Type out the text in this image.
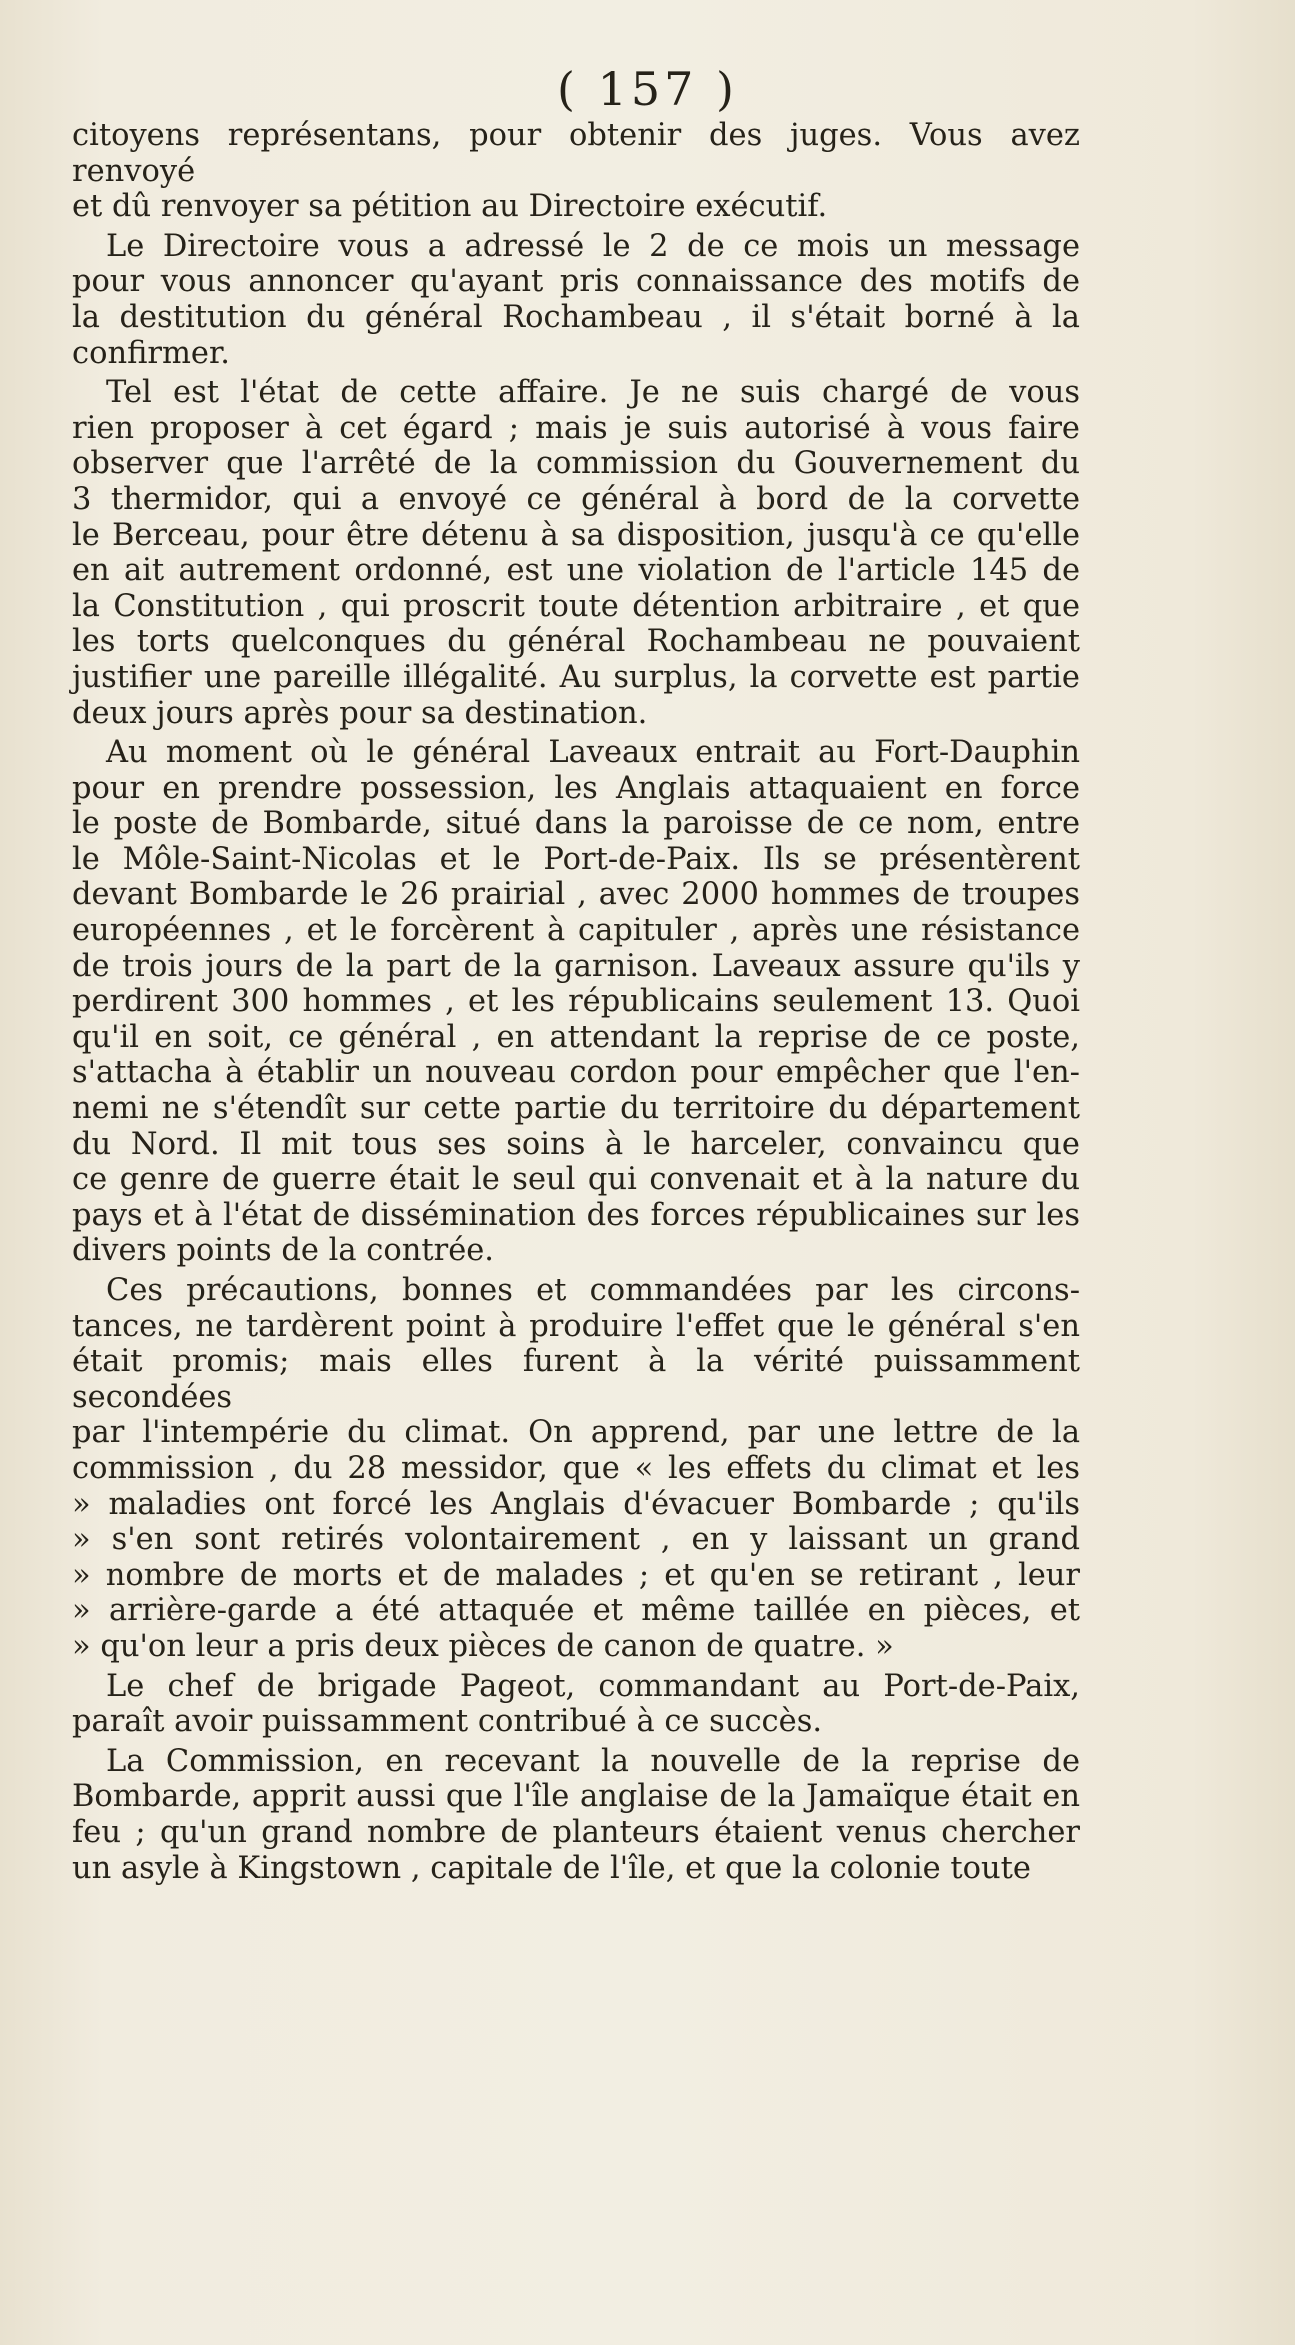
( 157 )
citoyens représentans, pour obtenir des juges. Vous avez renvoyé
et dû renvoyer sa pétition au Directoire exécutif.
Le Directoire vous a adressé le 2 de ce mois un message
pour vous annoncer qu'ayant pris connaissance des motifs de
la destitution du général Rochambeau , il s'était borné à la
confirmer.
Tel est l'état de cette affaire. Je ne suis chargé de vous
rien proposer à cet égard ; mais je suis autorisé à vous faire
observer que l'arrêté de la commission du Gouvernement du
3 thermidor, qui a envoyé ce général à bord de la corvette
le Berceau, pour être détenu à sa disposition, jusqu'à ce qu'elle
en ait autrement ordonné, est une violation de l'article 145 de
la Constitution , qui proscrit toute détention arbitraire , et que
les torts quelconques du général Rochambeau ne pouvaient
justifier une pareille illégalité. Au surplus, la corvette est partie
deux jours après pour sa destination.
Au moment où le général Laveaux entrait au Fort-Dauphin
pour en prendre possession, les Anglais attaquaient en force
le poste de Bombarde, situé dans la paroisse de ce nom, entre
le Môle-Saint-Nicolas et le Port-de-Paix. Ils se présentèrent
devant Bombarde le 26 prairial , avec 2000 hommes de troupes
européennes , et le forcèrent à capituler , après une résistance
de trois jours de la part de la garnison. Laveaux assure qu'ils y
perdirent 300 hommes , et les républicains seulement 13. Quoi
qu'il en soit, ce général , en attendant la reprise de ce poste,
s'attacha à établir un nouveau cordon pour empêcher que l'en-
nemi ne s'étendît sur cette partie du territoire du département
du Nord. Il mit tous ses soins à le harceler, convaincu que
ce genre de guerre était le seul qui convenait et à la nature du
pays et à l'état de dissémination des forces républicaines sur les
divers points de la contrée.
Ces précautions, bonnes et commandées par les circons-
tances, ne tardèrent point à produire l'effet que le général s'en
était promis; mais elles furent à la vérité puissamment secondées
par l'intempérie du climat. On apprend, par une lettre de la
commission , du 28 messidor, que « les effets du climat et les
» maladies ont forcé les Anglais d'évacuer Bombarde ; qu'ils
» s'en sont retirés volontairement , en y laissant un grand
» nombre de morts et de malades ; et qu'en se retirant , leur
» arrière-garde a été attaquée et même taillée en pièces, et
» qu'on leur a pris deux pièces de canon de quatre. »
Le chef de brigade Pageot, commandant au Port-de-Paix,
paraît avoir puissamment contribué à ce succès.
La Commission, en recevant la nouvelle de la reprise de
Bombarde, apprit aussi que l'île anglaise de la Jamaïque était en
feu ; qu'un grand nombre de planteurs étaient venus chercher
un asyle à Kingstown , capitale de l'île, et que la colonie toute
